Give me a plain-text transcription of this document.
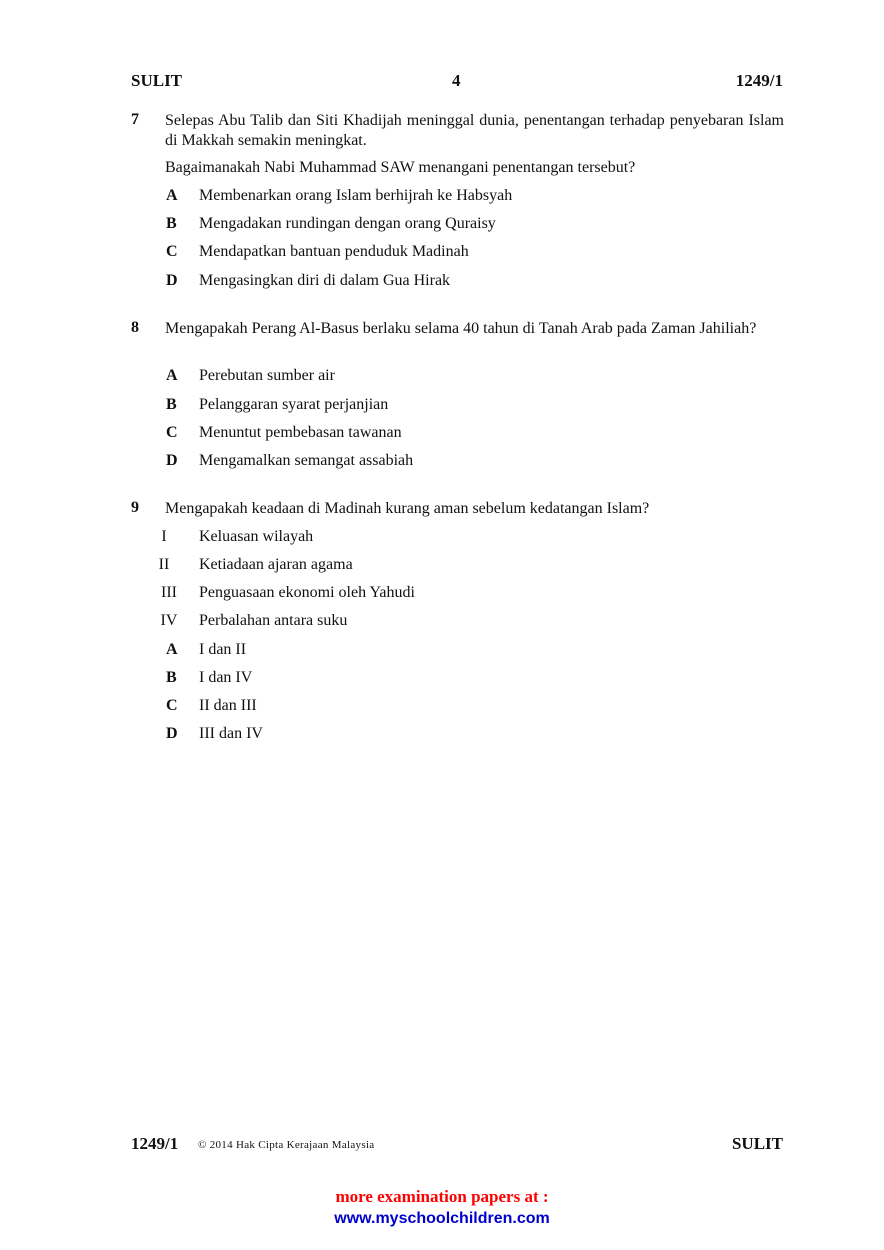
SULIT	4	1249/1
7 Selepas Abu Talib dan Siti Khadijah meninggal dunia, penentangan terhadap penyebaran Islam di Makkah semakin meningkat.
Bagaimanakah Nabi Muhammad SAW menangani penentangan tersebut?
A Membenarkan orang Islam berhijrah ke Habsyah
B Mengadakan rundingan dengan orang Quraisy
C Mendapatkan bantuan penduduk Madinah
D Mengasingkan diri di dalam Gua Hirak
8 Mengapakah Perang Al-Basus berlaku selama 40 tahun di Tanah Arab pada Zaman Jahiliah?
A Perebutan sumber air
B Pelanggaran syarat perjanjian
C Menuntut pembebasan tawanan
D Mengamalkan semangat assabiah
9 Mengapakah keadaan di Madinah kurang aman sebelum kedatangan Islam?
I	Keluasan wilayah
II	Ketiadaan ajaran agama
III	Penguasaan ekonomi oleh Yahudi
IV	Perbalahan antara suku
A I dan II
B I dan IV
C II dan III
D III dan IV
1249/1 © 2014 Hak Cipta Kerajaan Malaysia	SULIT
more examination papers at :
www.myschoolchildren.com
